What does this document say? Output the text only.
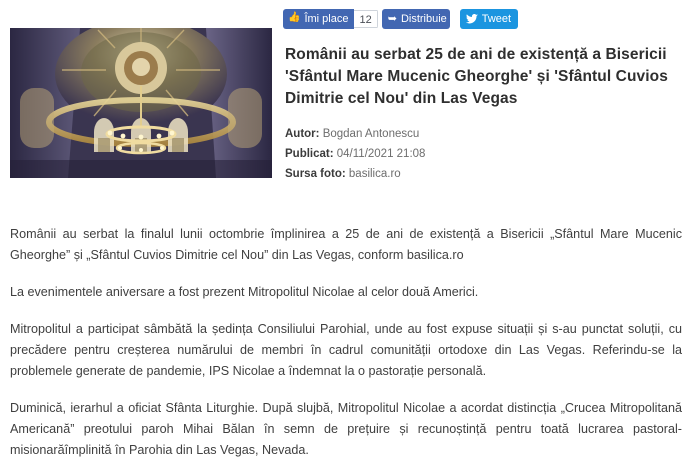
👍 Îmi place	12	➥ Distribuie	Tweet
Românii au serbat 25 de ani de existență a Bisericii 'Sfântul Mare Mucenic Gheorghe' și 'Sfântul Cuvios Dimitrie cel Nou' din Las Vegas
Autor: Bogdan Antonescu
Publicat: 04/11/2021 21:08
Sursa foto: basilica.ro

Românii au serbat la finalul lunii octombrie împlinirea a 25 de ani de existență a Bisericii „Sfântul Mare Mucenic Gheorghe” și „Sfântul Cuvios Dimitrie cel Nou” din Las Vegas, conform basilica.ro

La evenimentele aniversare a fost prezent Mitropolitul Nicolae al celor două Americi.

Mitropolitul a participat sâmbătă la ședința Consiliului Parohial, unde au fost expuse situații și s-au punctat soluții, cu precădere pentru creșterea numărului de membri în cadrul comunității ortodoxe din Las Vegas. Referindu-se la problemele generate de pandemie, IPS Nicolae a îndemnat la o pastorație personală.

Duminică, ierarhul a oficiat Sfânta Liturghie. După slujbă, Mitropolitul Nicolae a acordat distincția „Crucea Mitropolitană Americană” preotului paroh Mihai Bălan în semn de prețuire și recunoștință pentru toată lucrarea pastoral-misionarăîmplinită în Parohia din Las Vegas, Nevada.
